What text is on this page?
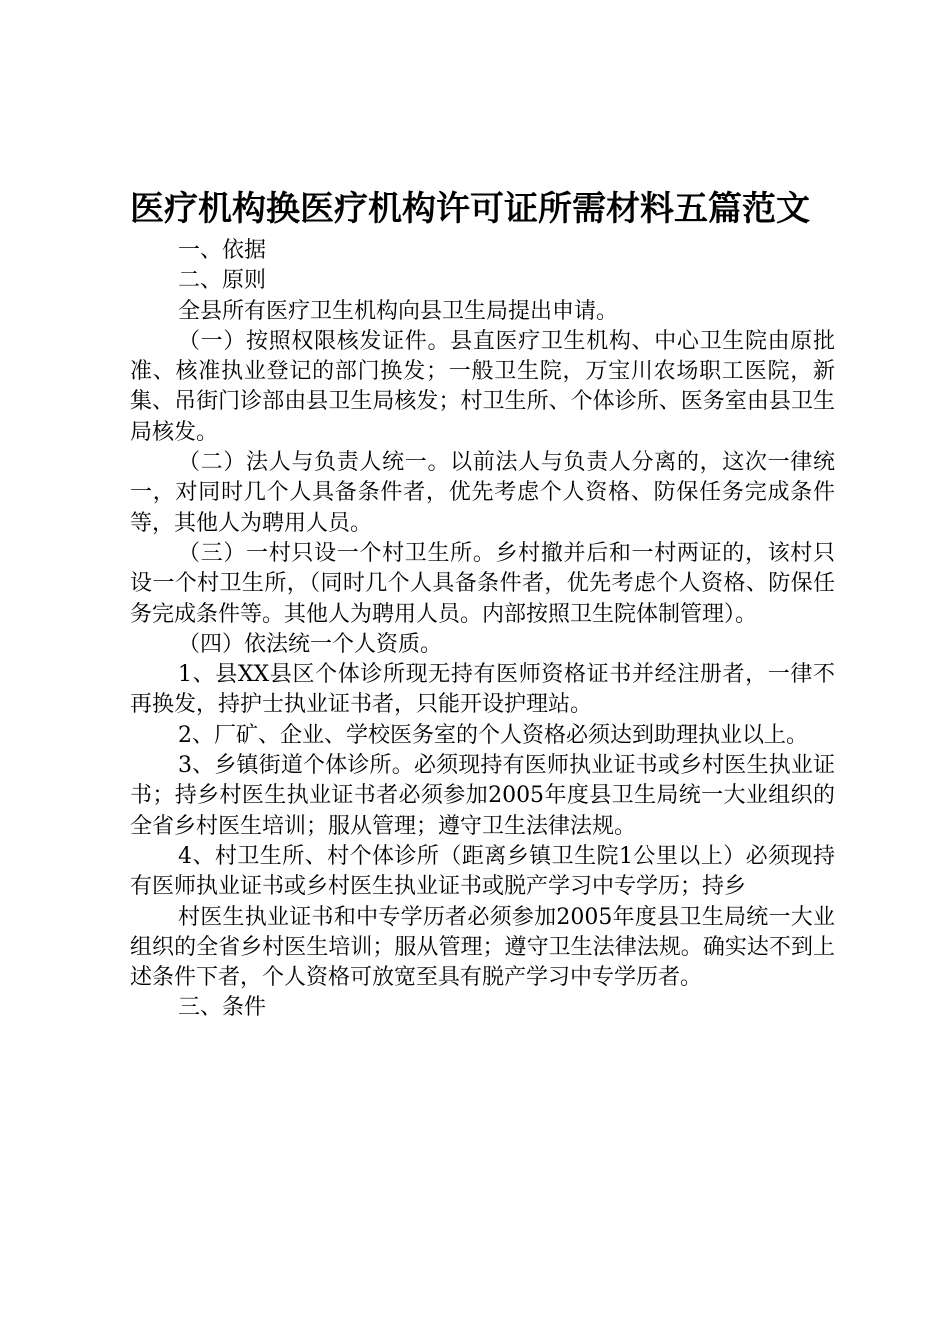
医疗机构换医疗机构许可证所需材料五篇范文

一、依据

二、原则

全县所有医疗卫生机构向县卫生局提出申请。

（一）按照权限核发证件。县直医疗卫生机构、中心卫生院由原批准、核准执业登记的部门换发；一般卫生院，万宝川农场职工医院，新集、吊街门诊部由县卫生局核发；村卫生所、个体诊所、医务室由县卫生局核发。

（二）法人与负责人统一。以前法人与负责人分离的，这次一律统一，对同时几个人具备条件者，优先考虑个人资格、防保任务完成条件等，其他人为聘用人员。

（三）一村只设一个村卫生所。乡村撤并后和一村两证的，该村只设一个村卫生所，（同时几个人具备条件者，优先考虑个人资格、防保任务完成条件等。其他人为聘用人员。内部按照卫生院体制管理）。

（四）依法统一个人资质。

1、县XX县区个体诊所现无持有医师资格证书并经注册者，一律不再换发，持护士执业证书者，只能开设护理站。

2、厂矿、企业、学校医务室的个人资格必须达到助理执业以上。

3、乡镇街道个体诊所。必须现持有医师执业证书或乡村医生执业证书；持乡村医生执业证书者必须参加2005年度县卫生局统一大业组织的全省乡村医生培训；服从管理；遵守卫生法律法规。

4、村卫生所、村个体诊所（距离乡镇卫生院1公里以上）必须现持有医师执业证书或乡村医生执业证书或脱产学习中专学历；持乡

村医生执业证书和中专学历者必须参加2005年度县卫生局统一大业组织的全省乡村医生培训；服从管理；遵守卫生法律法规。确实达不到上述条件下者，个人资格可放宽至具有脱产学习中专学历者。

三、条件
